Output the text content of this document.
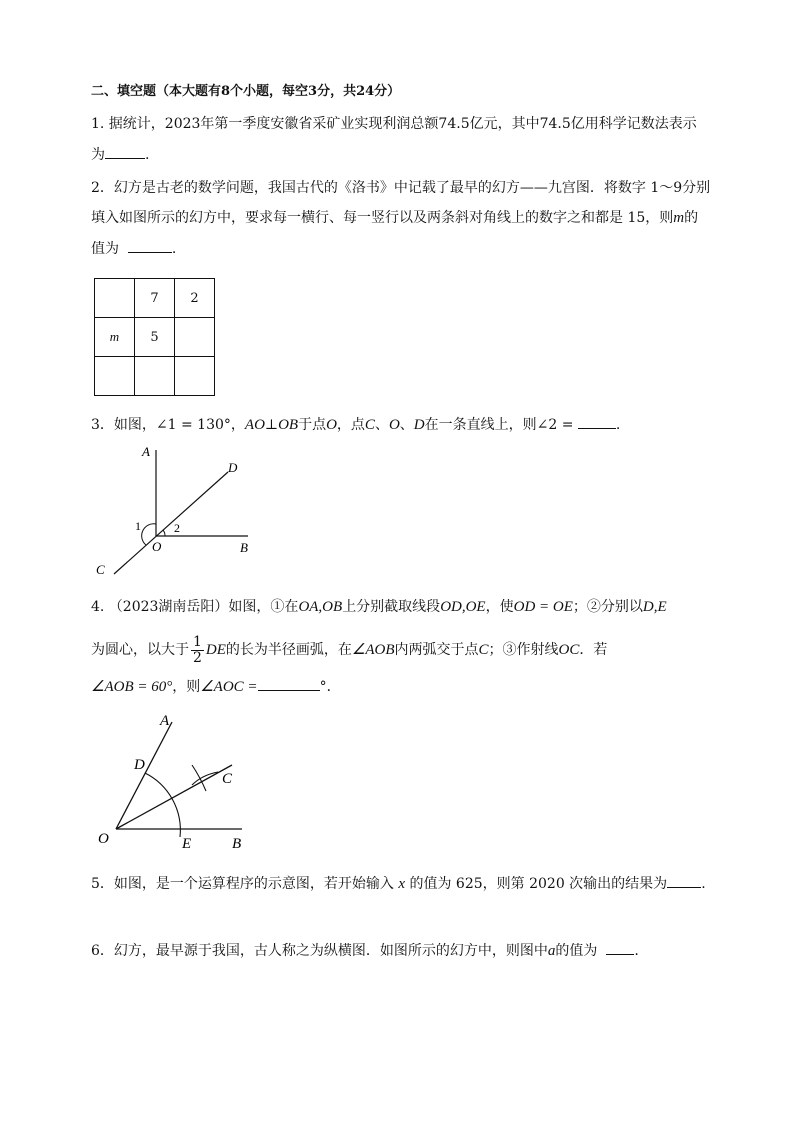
二、填空题（本大题有8个小题，每空3分，共24分）
1. 据统计，2023年第一季度安徽省采矿业实现利润总额74.5亿元，其中74.5亿用科学记数法表示
为	.
2．幻方是古老的数学问题，我国古代的《洛书》中记载了最早的幻方——九宫图．将数字 1～9分别
填入如图所示的幻方中，要求每一横行、每一竖行以及两条斜对角线上的数字之和都是 15，则m的
值为	.
	7	2
m	5	

3．如图，∠1 = 130°，AO⊥OB于点O，点C、O、D在一条直线上，则∠2 =	.
A
D
B
C
O
1	2
4. （2023湖南岳阳）如图，①在OA,OB上分别截取线段OD,OE，使OD = OE；②分别以D,E
为圆心，以大于 $\frac{1}{2}$ DE的长为半径画弧，在∠AOB内两弧交于点C；③作射线OC．若
∠AOB = 60°，则∠AOC =	°．
A
D
C
O	E	B
5．如图，是一个运算程序的示意图，若开始输入 x 的值为 625，则第 2020 次输出的结果为 .
6．幻方，最早源于我国，古人称之为纵横图．如图所示的幻方中，则图中a的值为	.
